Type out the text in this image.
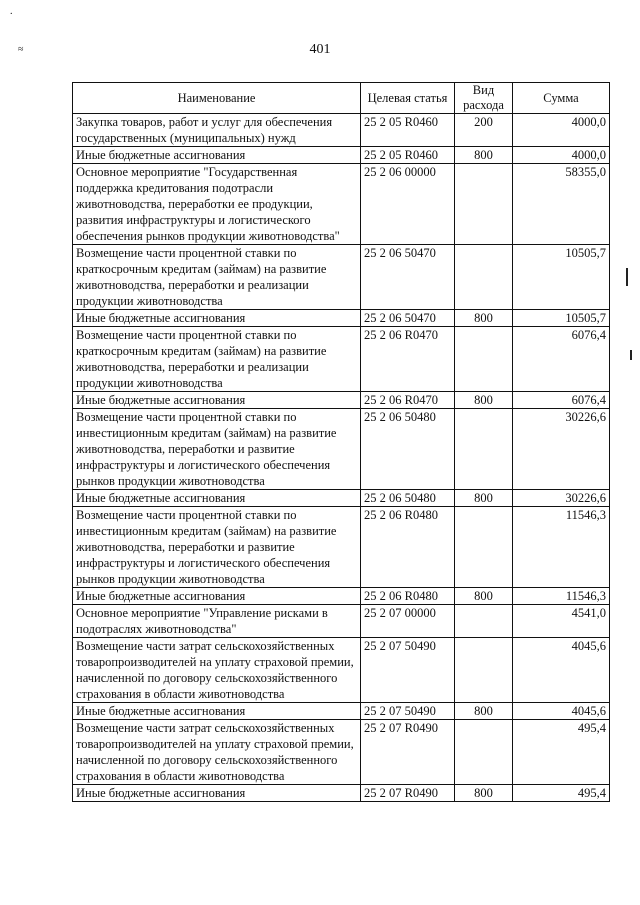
.
≈	401
Наименование	Целевая статья	Вид расхода	Сумма
Закупка товаров, работ и услуг для обеспечения государственных (муниципальных) нужд	25 2 05 R0460	200	4000,0
Иные бюджетные ассигнования	25 2 05 R0460	800	4000,0
Основное мероприятие "Государственная поддержка кредитования подотрасли животноводства, переработки ее продукции, развития инфраструктуры и логистического обеспечения рынков продукции животноводства"	25 2 06 00000		58355,0
Возмещение части процентной ставки по краткосрочным кредитам (займам) на развитие животноводства, переработки и реализации продукции животноводства	25 2 06 50470		10505,7
Иные бюджетные ассигнования	25 2 06 50470	800	10505,7
Возмещение части процентной ставки по краткосрочным кредитам (займам) на развитие животноводства, переработки и реализации продукции животноводства	25 2 06 R0470		6076,4
Иные бюджетные ассигнования	25 2 06 R0470	800	6076,4
Возмещение части процентной ставки по инвестиционным кредитам (займам) на развитие животноводства, переработки и развитие инфраструктуры и логистического обеспечения рынков продукции животноводства	25 2 06 50480		30226,6
Иные бюджетные ассигнования	25 2 06 50480	800	30226,6
Возмещение части процентной ставки по инвестиционным кредитам (займам) на развитие животноводства, переработки и развитие инфраструктуры и логистического обеспечения рынков продукции животноводства	25 2 06 R0480		11546,3
Иные бюджетные ассигнования	25 2 06 R0480	800	11546,3
Основное мероприятие "Управление рисками в подотраслях животноводства"	25 2 07 00000		4541,0
Возмещение части затрат сельскохозяйственных товаропроизводителей на уплату страховой премии, начисленной по договору сельскохозяйственного страхования в области животноводства	25 2 07 50490		4045,6
Иные бюджетные ассигнования	25 2 07 50490	800	4045,6
Возмещение части затрат сельскохозяйственных товаропроизводителей на уплату страховой премии, начисленной по договору сельскохозяйственного страхования в области животноводства	25 2 07 R0490		495,4
Иные бюджетные ассигнования	25 2 07 R0490	800	495,4
